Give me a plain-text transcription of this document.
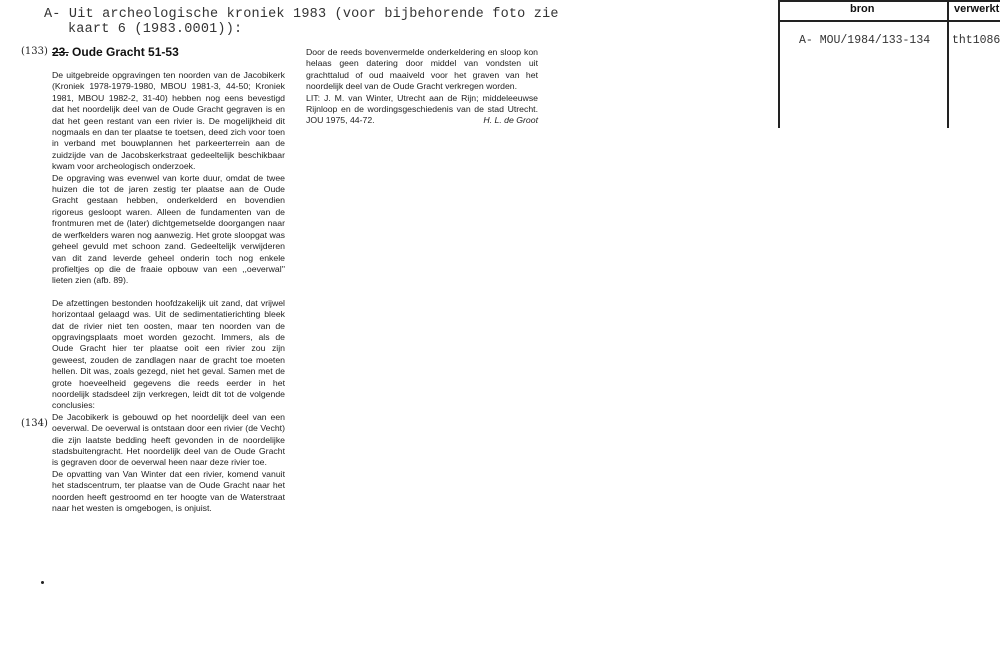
A- Uit archeologische kroniek 1983 (voor bijbehorende foto zie
kaart 6 (1983.0001)):
(133)
(134)
23. Oude Gracht 51-53

De uitgebreide opgravingen ten noorden van de Jacobikerk (Kroniek 1978-1979-1980, MBOU 1981-3, 44-50; Kroniek 1981, MBOU 1982-2, 31-40) hebben nog eens bevestigd dat het noordelijk deel van de Oude Gracht gegraven is en dat het geen restant van een rivier is. De mogelijkheid dit nogmaals en dan ter plaatse te toetsen, deed zich voor toen in verband met bouwplannen het parkeerterrein aan de zuidzijde van de Jacobskerkstraat gedeeltelijk beschikbaar kwam voor archeologisch onderzoek.

De opgraving was evenwel van korte duur, omdat de twee huizen die tot de jaren zestig ter plaatse aan de Oude Gracht gestaan hebben, onderkelderd en bovendien rigoreus gesloopt waren. Alleen de fundamenten van de frontmuren met de (later) dichtgemetselde doorgangen naar de werfkelders waren nog aanwezig. Het grote sloopgat was geheel gevuld met schoon zand. Gedeeltelijk verwijderen van dit zand leverde geheel onderin toch nog enkele profieltjes op die de fraaie opbouw van een ,,oeverwal'' lieten zien (afb. 89).

De afzettingen bestonden hoofdzakelijk uit zand, dat vrijwel horizontaal gelaagd was. Uit de sedimentatierichting bleek dat de rivier niet ten oosten, maar ten noorden van de opgravingsplaats moet worden gezocht. Immers, als de Oude Gracht hier ter plaatse ooit een rivier zou zijn geweest, zouden de zandlagen naar de gracht toe moeten hellen. Dit was, zoals gezegd, niet het geval. Samen met de grote hoeveelheid gegevens die reeds eerder in het noordelijk stadsdeel zijn verkregen, leidt dit tot de volgende conclusies:

De Jacobikerk is gebouwd op het noordelijk deel van een oeverwal. De oeverwal is ontstaan door een rivier (de Vecht) die zijn laatste bedding heeft gevonden in de noordelijke stadsbuitengracht. Het noordelijk deel van de Oude Gracht is gegraven door de oeverwal heen naar deze rivier toe.

De opvatting van Van Winter dat een rivier, komend vanuit het stadscentrum, ter plaatse van de Oude Gracht naar het noorden heeft gestroomd en ter hoogte van de Waterstraat naar het westen is omgebogen, is onjuist.

Door de reeds bovenvermelde onderkeldering en sloop kon helaas geen datering door middel van vondsten uit grachttalud of oud maaiveld voor het graven van het noordelijk deel van de Oude Gracht verkregen worden.

LIT: J. M. van Winter, Utrecht aan de Rijn; middeleeuwse Rijnloop en de wordingsgeschiedenis van de stad Utrecht. JOU 1975, 44-72.	H. L. de Groot

bron	verwerkt
A- MOU/1984/133-134 tht1086
